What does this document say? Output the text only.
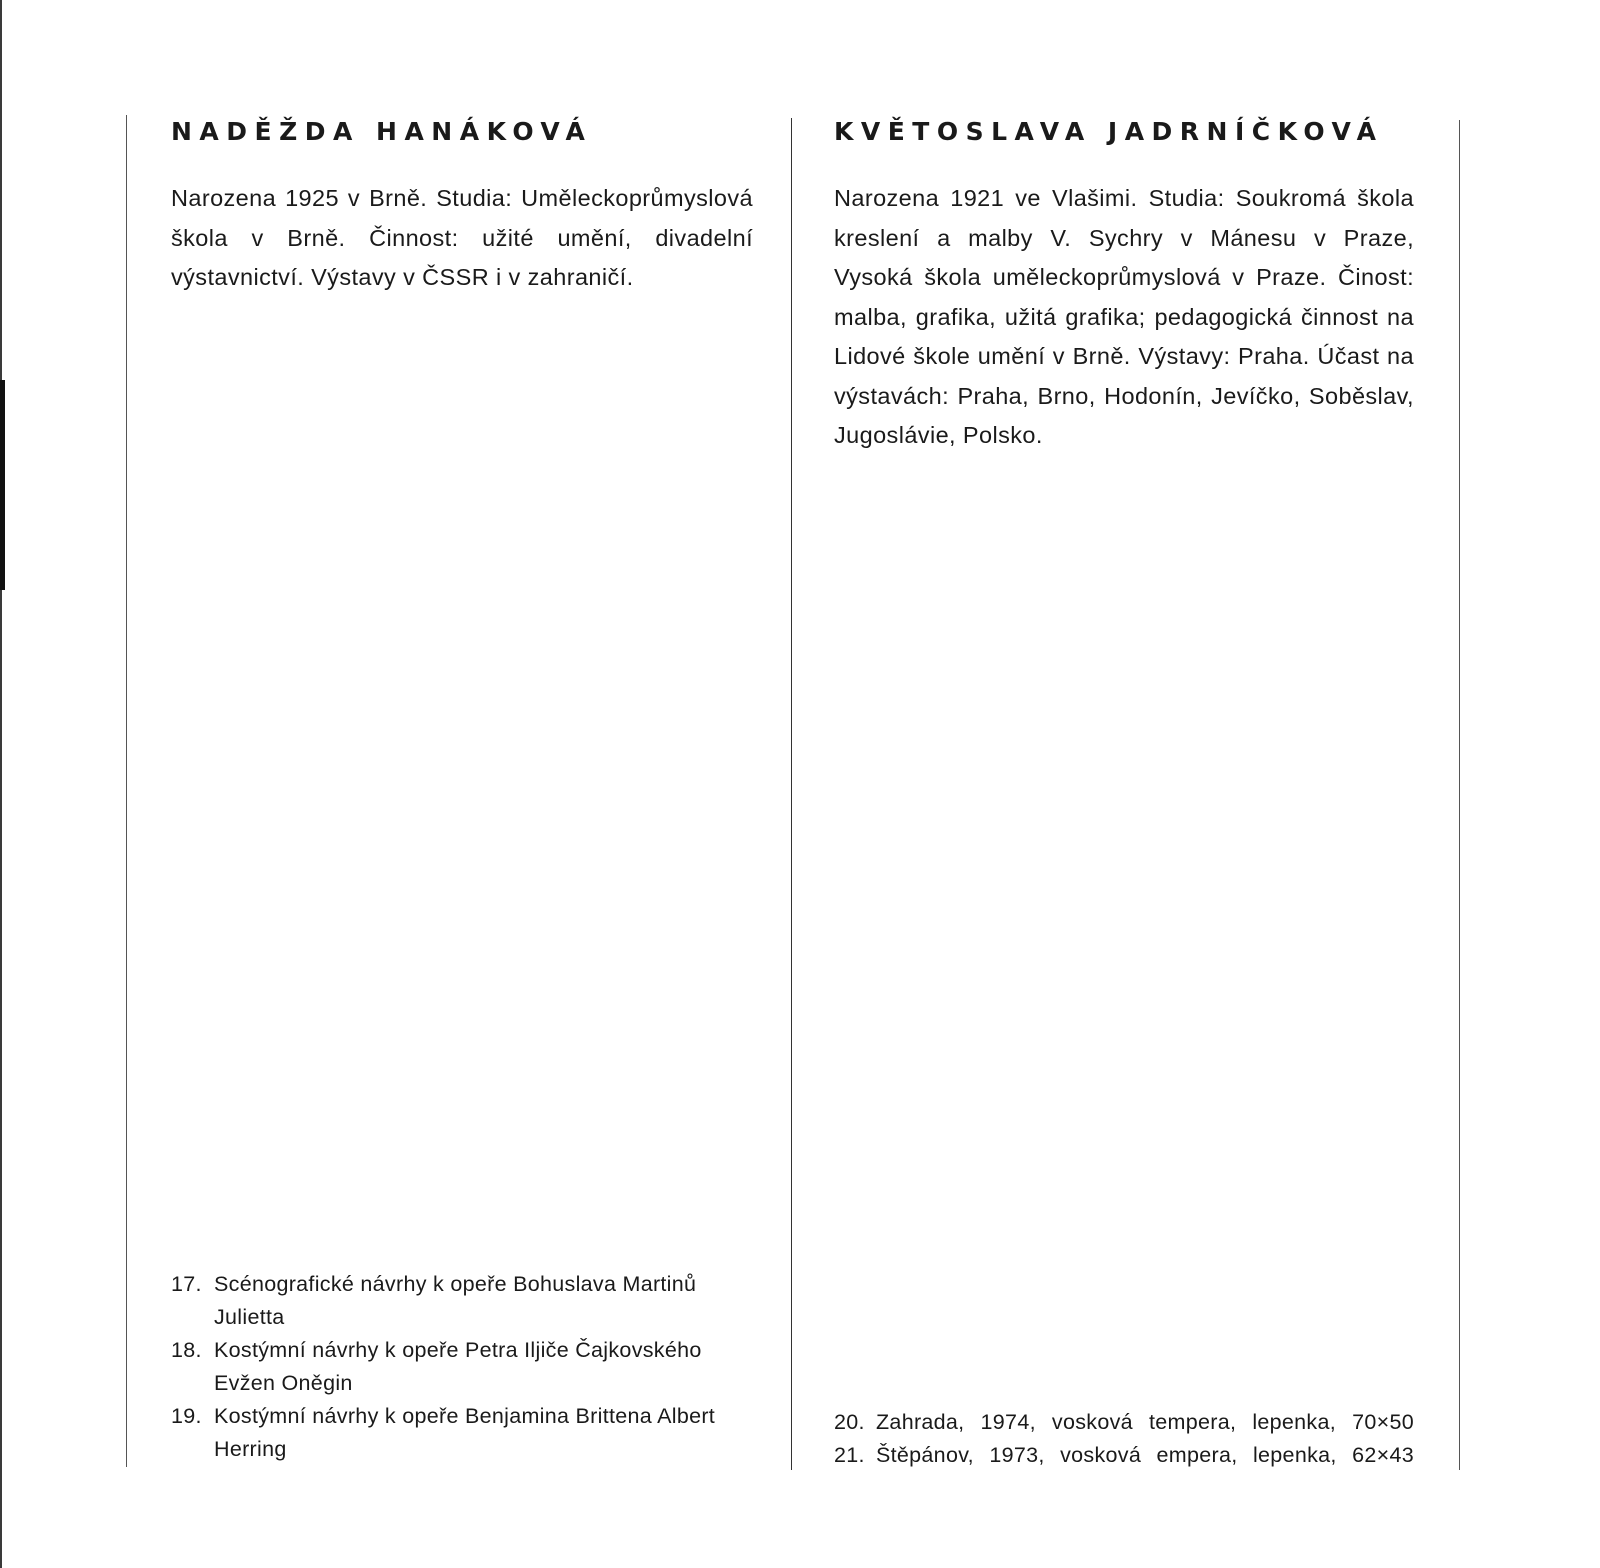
NADĚŽDA HANÁKOVÁ

Narozena 1925 v Brně. Studia: Uměleckoprůmyslová škola v Brně. Činnost: užité umění, divadelní výstavnictví. Výstavy v ČSSR i v zahraničí.

17. Scénografické návrhy k opeře Bohuslava Martinů Julietta
18. Kostýmní návrhy k opeře Petra Iljiče Čajkovského Evžen Oněgin
19. Kostýmní návrhy k opeře Benjamina Brittena Albert Herring
KVĚTOSLAVA JADRNÍČKOVÁ

Narozena 1921 ve Vlašimi. Studia: Soukromá škola kreslení a malby V. Sychry v Mánesu v Praze, Vysoká škola uměleckoprůmyslová v Praze. Činost: malba, grafika, užitá grafika; pedagogická činnost na Lidové škole umění v Brně. Výstavy: Praha. Účast na výstavách: Praha, Brno, Hodonín, Jevíčko, Soběslav, Jugoslávie, Polsko.

20. Zahrada, 1974, vosková tempera, lepenka, 70×50
21. Štěpánov, 1973, vosková empera, lepenka, 62×43
